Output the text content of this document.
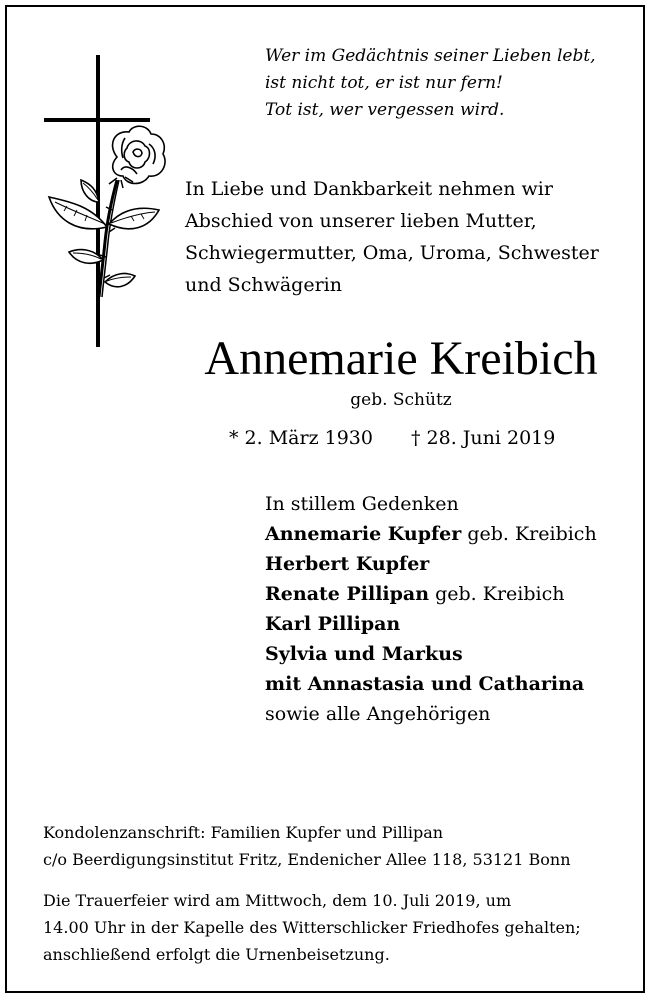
Wer im Gedächtnis seiner Lieben lebt,
ist nicht tot, er ist nur fern!
Tot ist, wer vergessen wird.
In Liebe und Dankbarkeit nehmen wir
Abschied von unserer lieben Mutter,
Schwiegermutter, Oma, Uroma, Schwester
und Schwägerin
Annemarie Kreibich
geb. Schütz
* 2. März 1930 † 28. Juni 2019
In stillem Gedenken
Annemarie Kupfer geb. Kreibich
Herbert Kupfer
Renate Pillipan geb. Kreibich
Karl Pillipan
Sylvia und Markus
mit Annastasia und Catharina
sowie alle Angehörigen
Kondolenzanschrift: Familien Kupfer und Pillipan
c/o Beerdigungsinstitut Fritz, Endenicher Allee 118, 53121 Bonn
Die Trauerfeier wird am Mittwoch, dem 10. Juli 2019, um
14.00 Uhr in der Kapelle des Witterschlicker Friedhofes gehalten;
anschließend erfolgt die Urnenbeisetzung.
